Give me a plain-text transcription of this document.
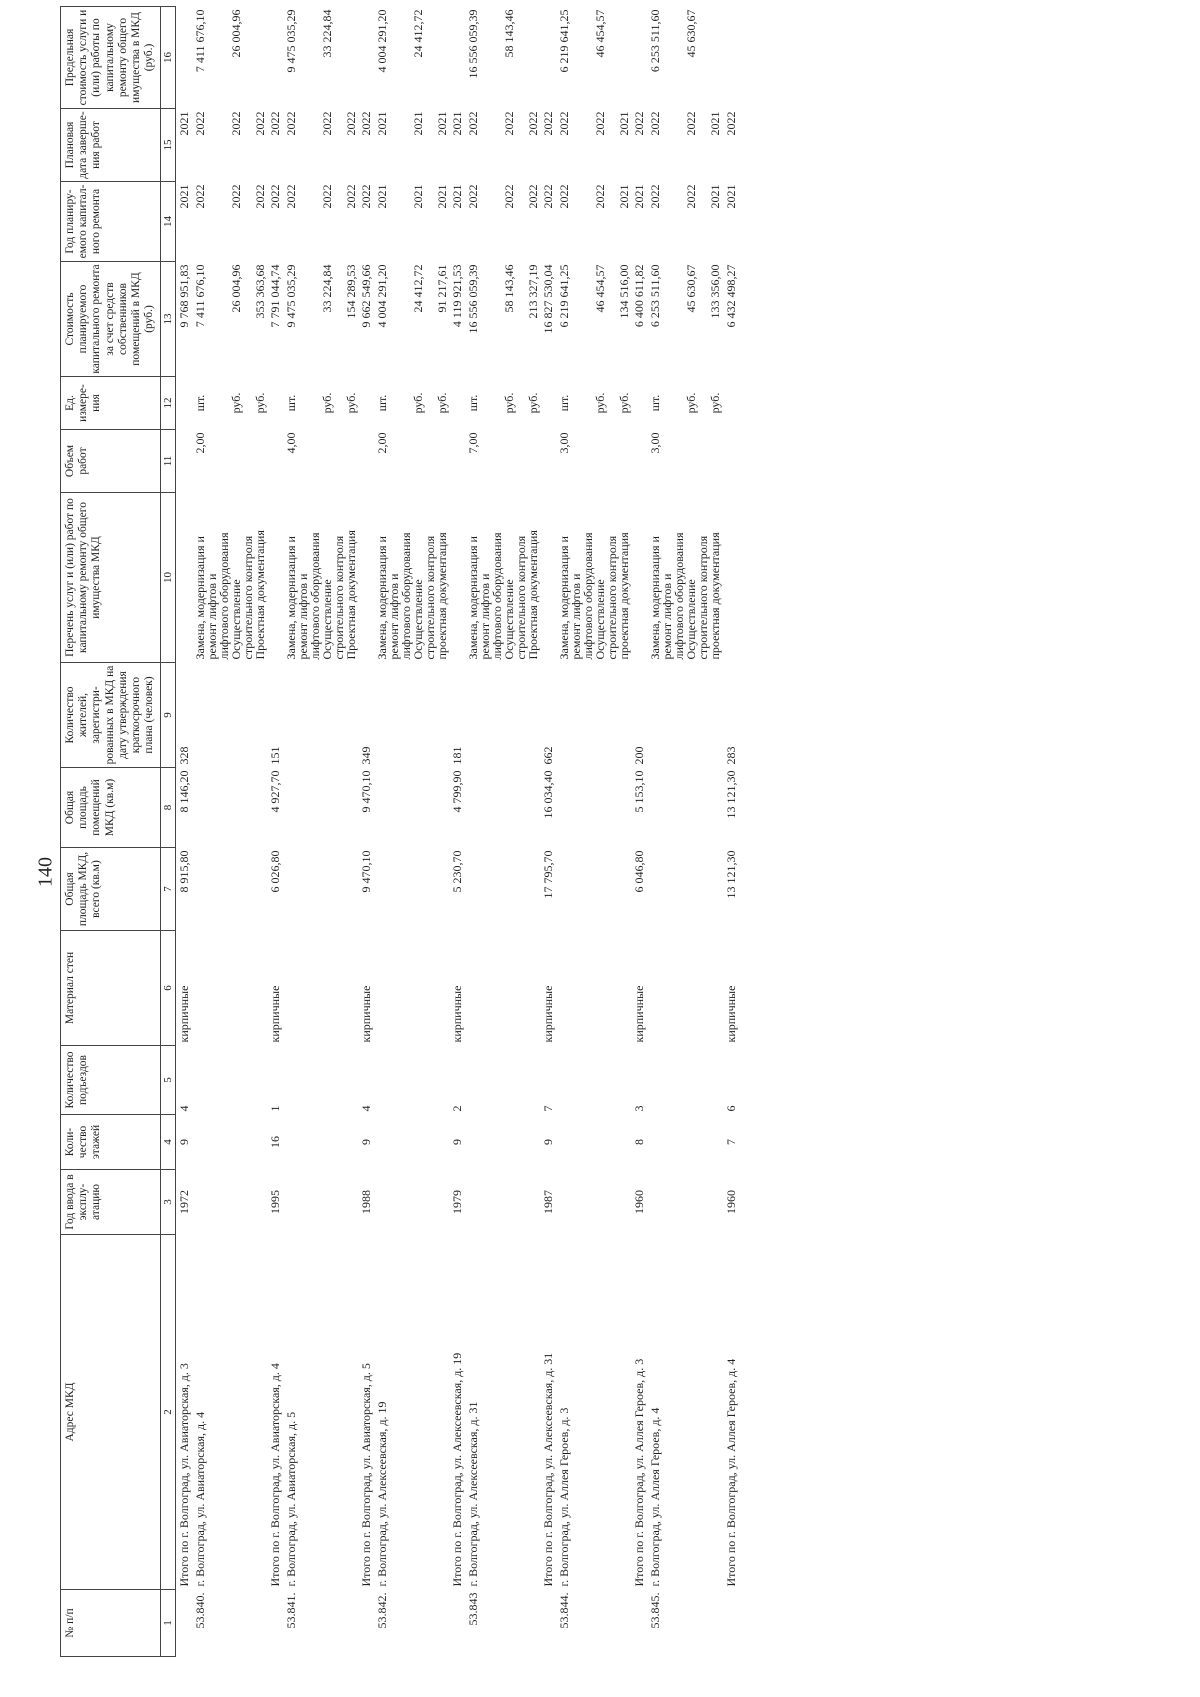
140
№ п/п	Адрес МКД	Год ввода в эксплу-атацию	Коли-чество этажей	Количество подъездов	Материал стен	Общая площадь МКД, всего (кв.м)	Общая площадь помещений МКД (кв.м)	Количество жителей, зарегистри-рованных в МКД на дату утверждения краткосрочного плана (человек)	Перечень услуг и (или) работ по капитальному ремонту общего имущества МКД	Объем работ	Ед. измере-ния	Стоимость планируемого капитального ремонта за счет средств собственников помещений в МКД (руб.)	Год планиру-емого капитал-ного ремонта	Плановая дата заверше-ния работ	Предельная стоимость услуги и (или) работы по капитальному ремонту общего имущества в МКД (руб.)
1	2	3	4	5	6	7	8	9	10	11	12	13	14	15	16
	Итого по г. Волгоград, ул. Авиаторская, д. 3	1972	9	4	кирпичные	8 915,80	8 146,20	328				9 768 951,83	2021	2021	
53.840.	г. Волгоград, ул. Авиаторская, д. 4								Замена, модернизация и
ремонт лифтов и
лифтового оборудования	2,00	шт.	7 411 676,10	2022	2022	7 411 676,10

									Осуществление
строительного контроля		руб.	26 004,96	2022	2022	26 004,96

									Проектная документация		руб.	353 363,68	2022	2022	
	Итого по г. Волгоград, ул. Авиаторская, д. 4	1995	16	1	кирпичные	6 026,80	4 927,70	151				7 791 044,74	2022	2022	
53.841.	г. Волгоград, ул. Авиаторская, д. 5								Замена, модернизация и
ремонт лифтов и
лифтового оборудования	4,00	шт.	9 475 035,29	2022	2022	9 475 035,29

									Осуществление
строительного контроля		руб.	33 224,84	2022	2022	33 224,84

									Проектная документация		руб.	154 289,53	2022	2022	
	Итого по г. Волгоград, ул. Авиаторская, д. 5	1988	9	4	кирпичные	9 470,10	9 470,10	349				9 662 549,66	2022	2022	
53.842.	г. Волгоград, ул. Алексеевская, д. 19								Замена, модернизация и
ремонт лифтов и
лифтового оборудования	2,00	шт.	4 004 291,20	2021	2021	4 004 291,20

									Осуществление
строительного контроля		руб.	24 412,72	2021	2021	24 412,72

									проектная документация		руб.	91 217,61	2021	2021	
	Итого по г. Волгоград, ул. Алексеевская, д. 19	1979	9	2	кирпичные	5 230,70	4 799,90	181				4 119 921,53	2021	2021	
53.843	г. Волгоград, ул. Алексеевская, д. 31								Замена, модернизация и
ремонт лифтов и
лифтового оборудования	7,00	шт.	16 556 059,39	2022	2022	16 556 059,39

									Осуществление
строительного контроля		руб.	58 143,46	2022	2022	58 143,46

									Проектная документация		руб.	213 327,19	2022	2022	
	Итого по г. Волгоград, ул. Алексеевская, д. 31	1987	9	7	кирпичные	17 795,70	16 034,40	662				16 827 530,04	2022	2022	
53.844.	г. Волгоград, ул. Аллея Героев, д. 3								Замена, модернизация и
ремонт лифтов и
лифтового оборудования	3,00	шт.	6 219 641,25	2022	2022	6 219 641,25

									Осуществление
строительного контроля		руб.	46 454,57	2022	2022	46 454,57

									проектная документация		руб.	134 516,00	2021	2021	
	Итого по г. Волгоград, ул. Аллея Героев, д. 3	1960	8	3	кирпичные	6 046,80	5 153,10	200				6 400 611,82	2021	2022	
53.845.	г. Волгоград, ул. Аллея Героев, д. 4								Замена, модернизация и
ремонт лифтов и
лифтового оборудования	3,00	шт.	6 253 511,60	2022	2022	6 253 511,60

									Осуществление
строительного контроля		руб.	45 630,67	2022	2022	45 630,67

									проектная документация		руб.	133 356,00	2021	2021	
	Итого по г. Волгоград, ул. Аллея Героев, д. 4	1960	7	6	кирпичные	13 121,30	13 121,30	283				6 432 498,27	2021	2022	
